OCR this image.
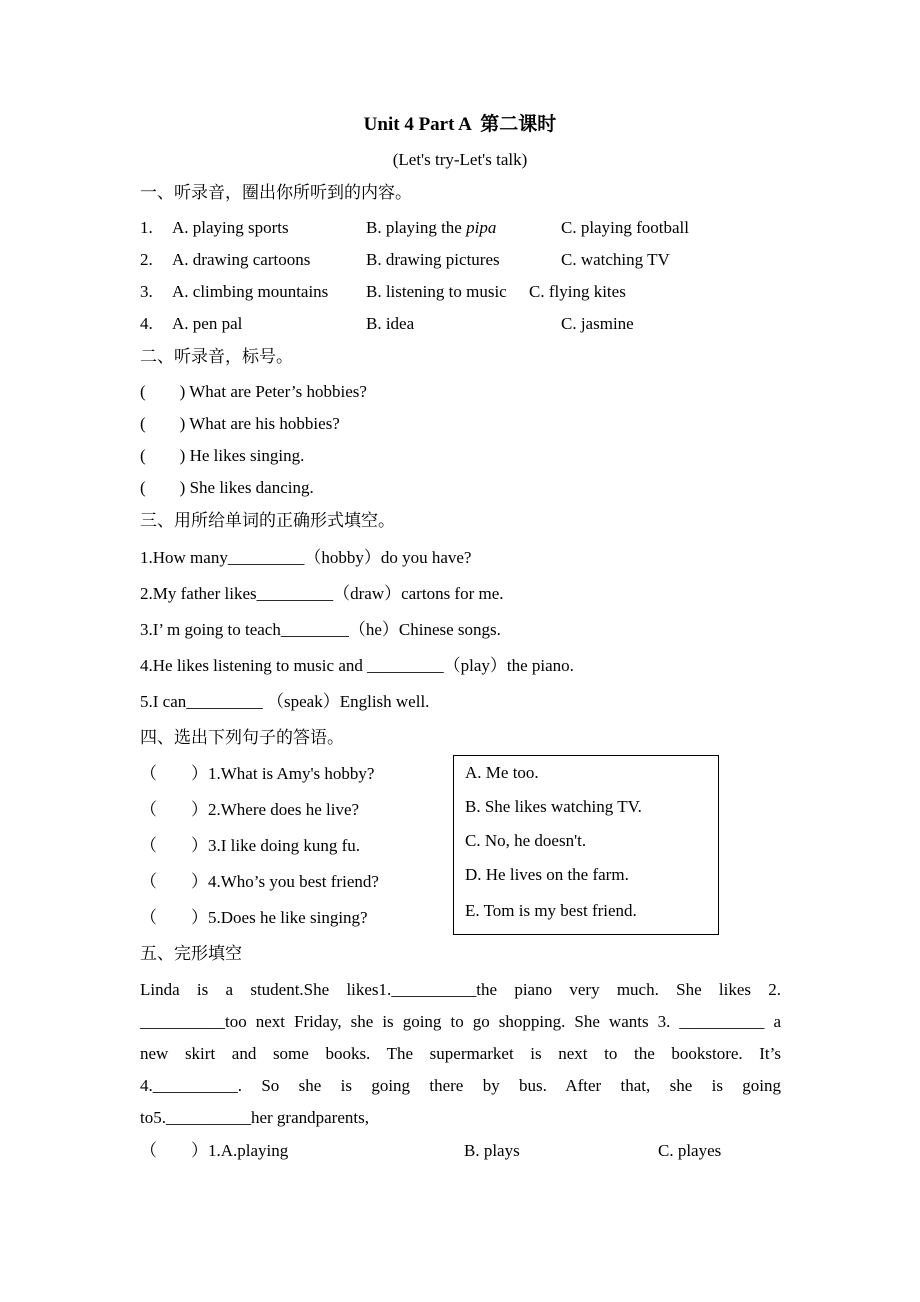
Unit 4 Part A  第二课时
(Let's try-Let's talk)
一、听录音，圈出你所听到的内容。
1. A. playing sports	B. playing the pipa	C. playing football
2. A. drawing cartoons	B. drawing pictures	C. watching TV
3. A. climbing mountains B. listening to music C. flying kites
4. A. pen pal	B. idea	C. jasmine
二、听录音，标号。
(        ) What are Peter’s hobbies?
(        ) What are his hobbies?
(        ) He likes singing.
(        ) She likes dancing.
三、用所给单词的正确形式填空。
1.How many_________（hobby）do you have?
2.My father likes_________（draw）cartons for me.
3.I’ m going to teach________（he）Chinese songs.
4.He likes listening to music and _________（play）the piano.
5.I can_________ （speak）English well.
四、选出下列句子的答语。
（        ）1.What is Amy's hobby?
（        ）2.Where does he live?
（        ）3.I like doing kung fu.
（        ）4.Who’s you best friend?
（        ）5.Does he like singing?
A. Me too.
B. She likes watching TV.
C. No, he doesn't.
D. He lives on the farm.
E. Tom is my best friend.
五、完形填空
Linda is a student.She likes1.__________the piano very much. She likes 2.
__________too next Friday, she is going to go shopping. She wants 3. __________ a
new skirt and some books. The supermarket is next to the bookstore. It’s
4.__________. So she is going there by bus. After that, she is going
to5.__________her grandparents,
（        ）1.A.playing	B. plays	C. playes
